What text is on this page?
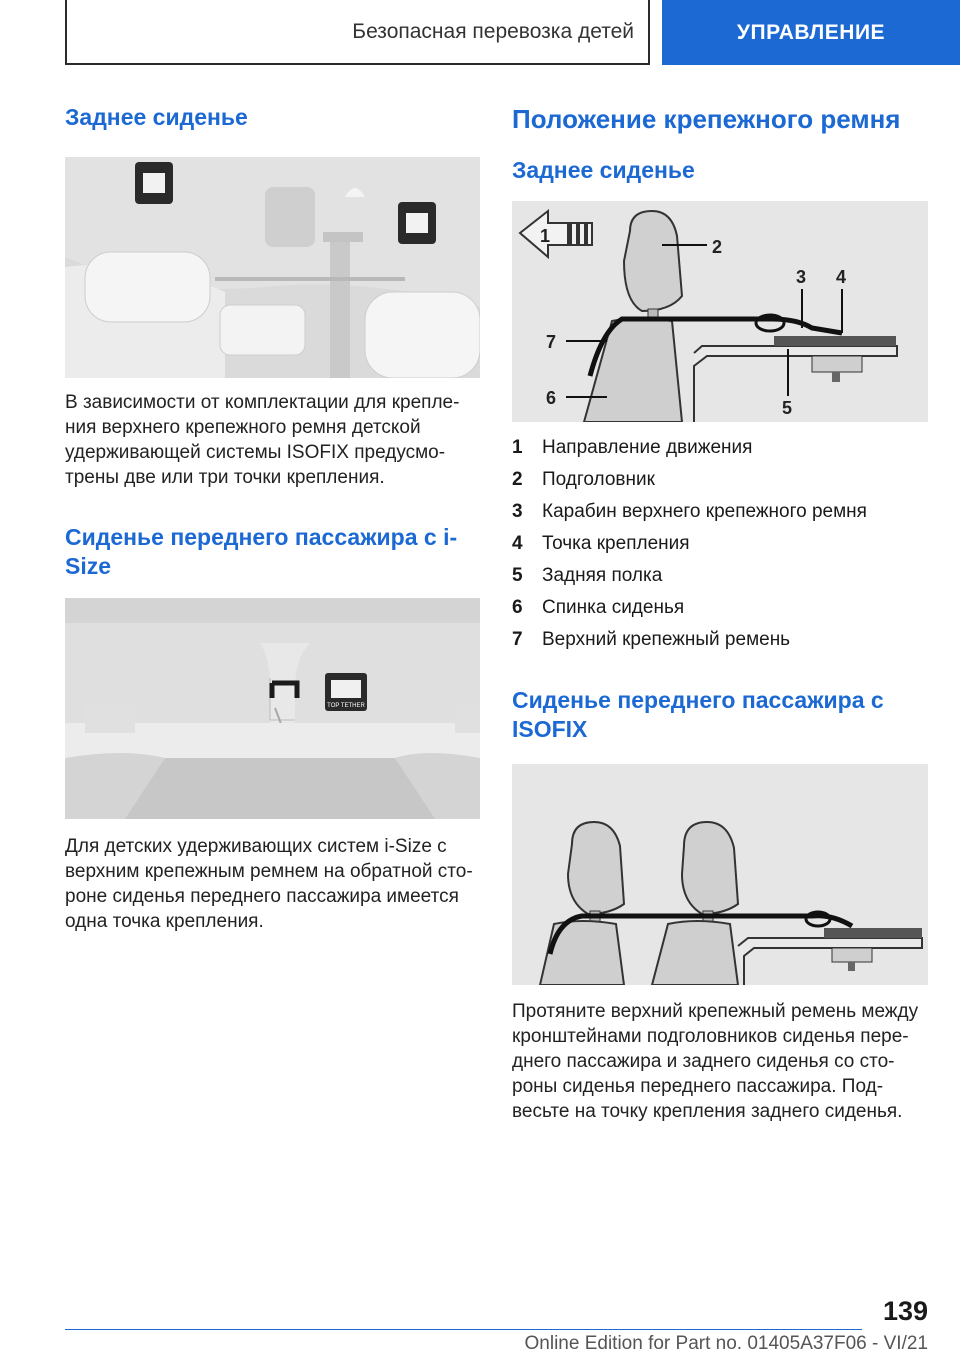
Безопасная перевозка детей	УПРАВЛЕНИЕ
Заднее сиденье
В зависимости от комплектации для крепле-ния верхнего крепежного ремня детской удерживающей системы ISOFIX предусмо-трены две или три точки крепления.
Сиденье переднего пассажира с i-
Size
TOP TETHER
Для детских удерживающих систем i-Size с верхним крепежным ремнем на обратной сто-роне сиденья переднего пассажира имеется одна точка крепления.
Положение крепежного ремня
Заднее сиденье
1
2
3 4
5
6
7
1	Направление движения
2	Подголовник
3	Карабин верхнего крепежного ремня
4	Точка крепления
5	Задняя полка
6	Спинка сиденья
7	Верхний крепежный ремень
Сиденье переднего пассажира с
ISOFIX
Протяните верхний крепежный ремень между кронштейнами подголовников сиденья пере-днего пассажира и заднего сиденья со сто-роны сиденья переднего пассажира. Под-весьте на точку крепления заднего сиденья.
139
Online Edition for Part no. 01405A37F06 - VI/21
